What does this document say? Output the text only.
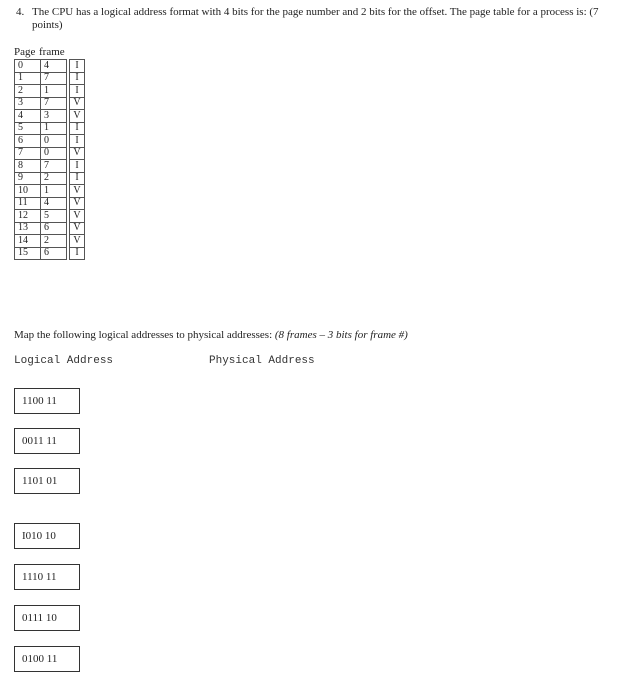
4. The CPU has a logical address format with 4 bits for the page number and 2 bits for the offset. The page table for a process is: (7 points)
Page frame
0	4		I
1	7		I
2	1		I
3	7		V
4	3		V
5	1		I
6	0		I
7	0		V
8	7		I
9	2		I
10	1		V
11	4		V
12	5		V
13	6		V
14	2		V
15	6		I
Map the following logical addresses to physical addresses: (8 frames – 3 bits for frame #)
Logical Address	Physical Address
1100 11
0011 11
1101 01
I010 10
1110 11
0111 10
0100 11
